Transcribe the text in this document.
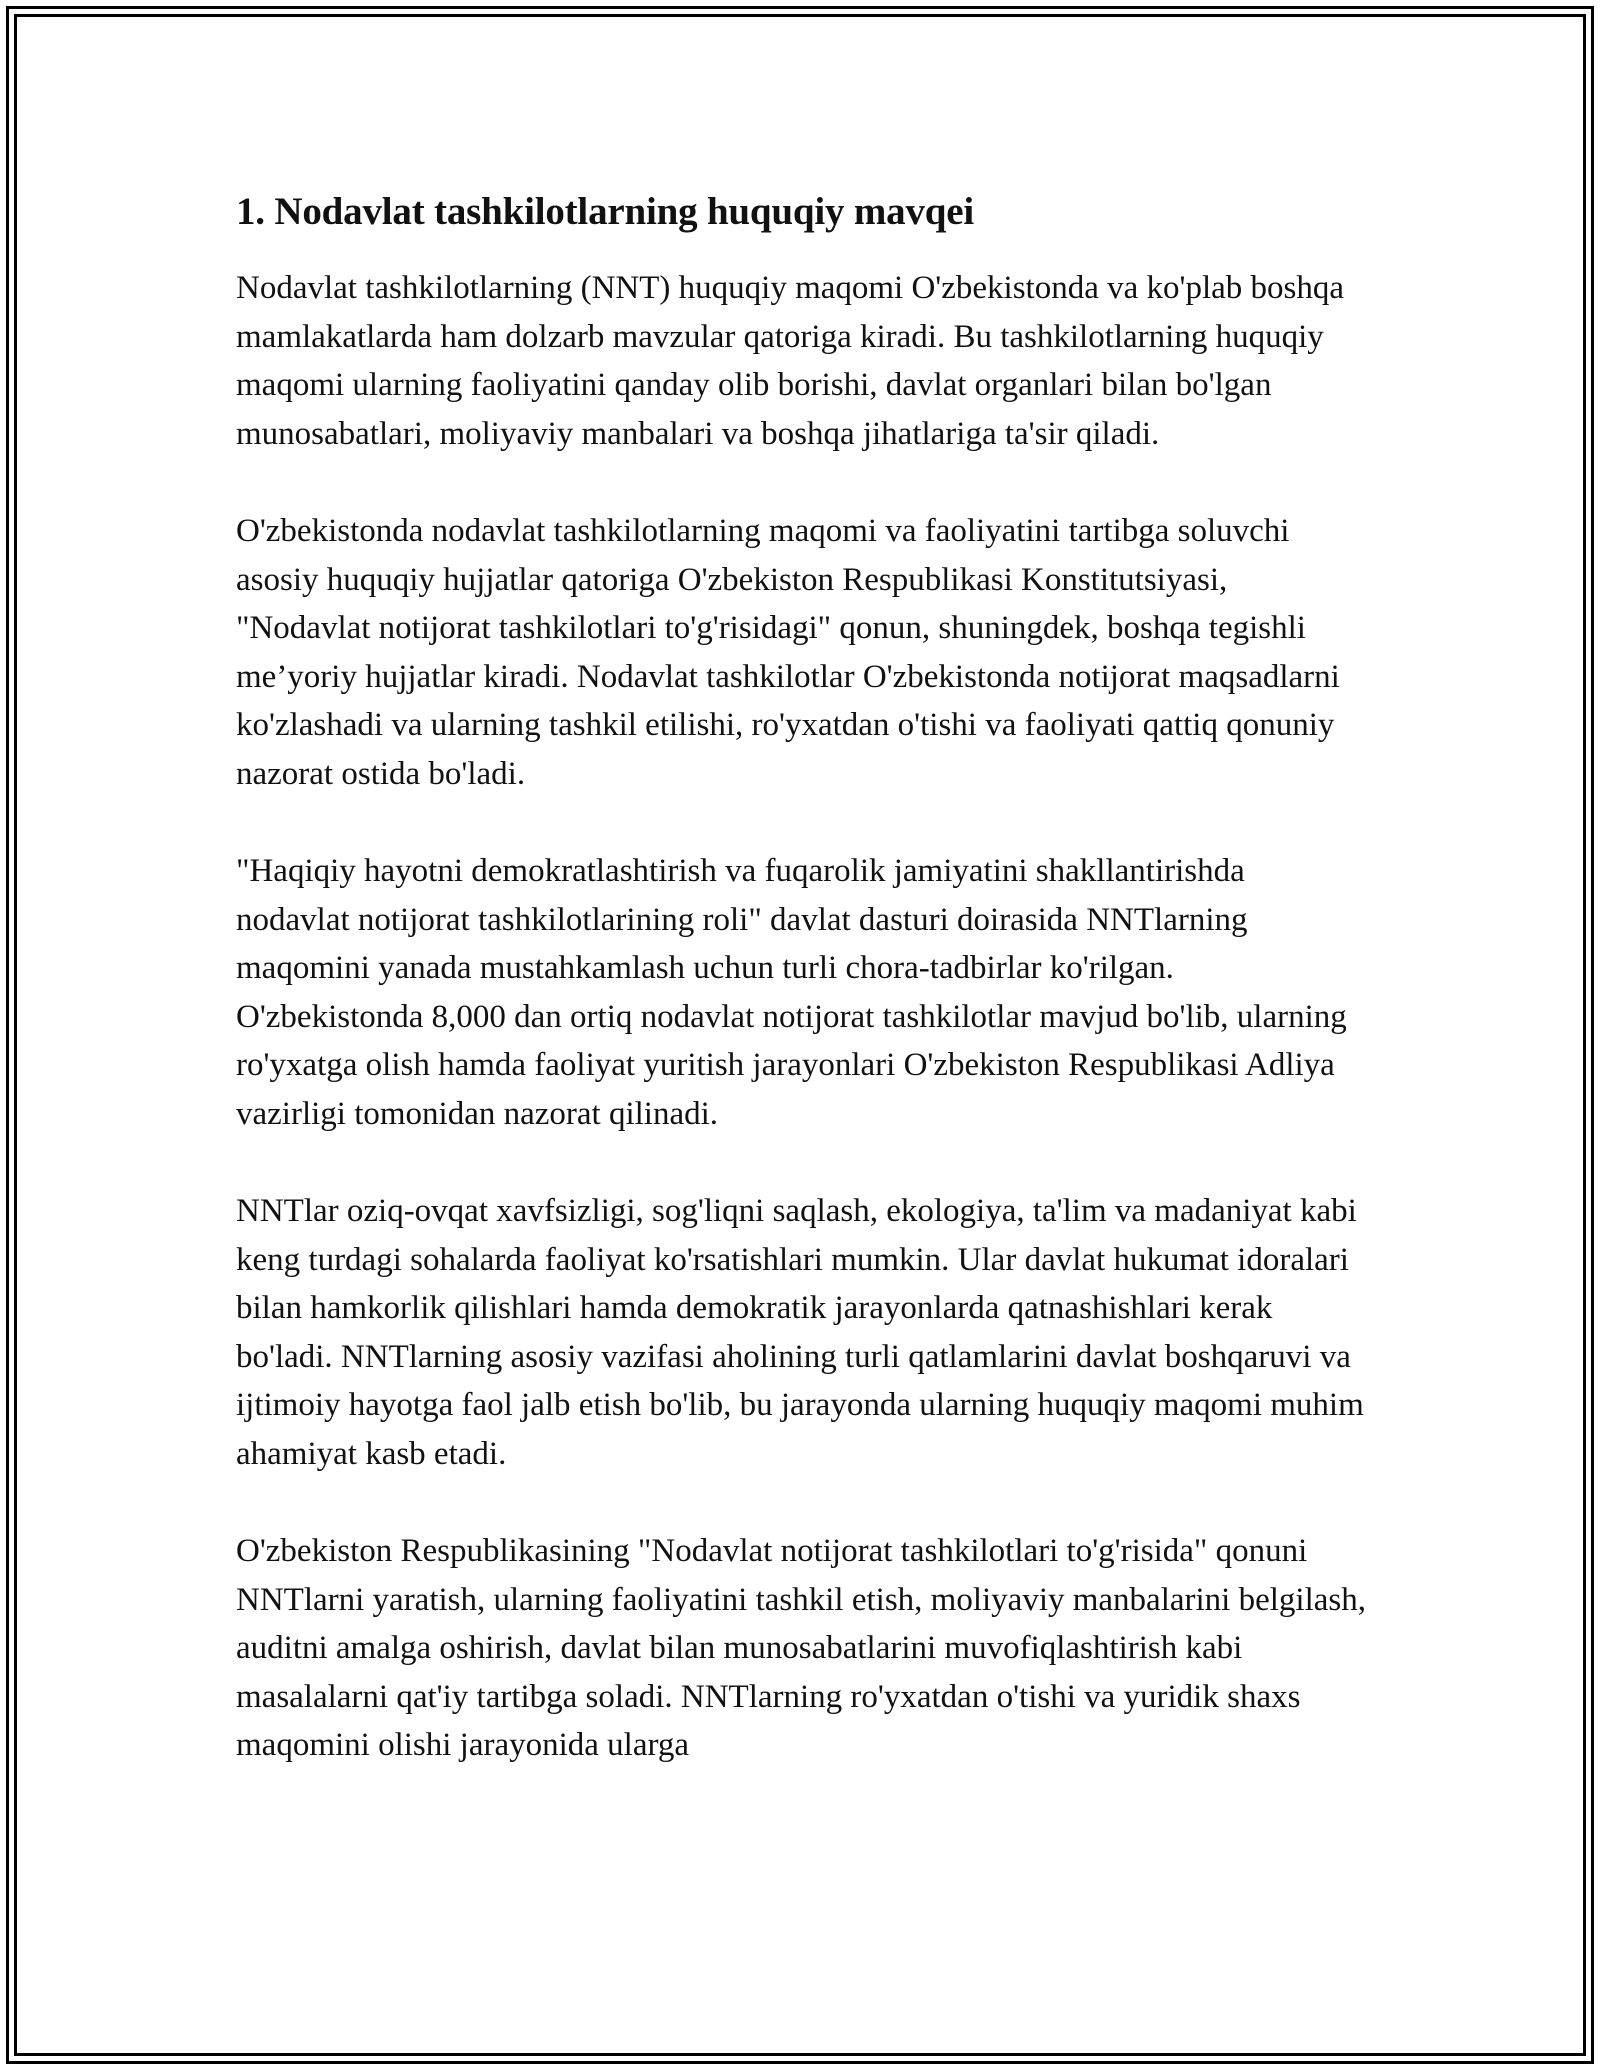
1. Nodavlat tashkilotlarning huquqiy mavqei

Nodavlat tashkilotlarning (NNT) huquqiy maqomi O'zbekistonda va ko'plab boshqa mamlakatlarda ham dolzarb mavzular qatoriga kiradi. Bu tashkilotlarning huquqiy maqomi ularning faoliyatini qanday olib borishi, davlat organlari bilan bo'lgan munosabatlari, moliyaviy manbalari va boshqa jihatlariga ta'sir qiladi.

O'zbekistonda nodavlat tashkilotlarning maqomi va faoliyatini tartibga soluvchi asosiy huquqiy hujjatlar qatoriga O'zbekiston Respublikasi Konstitutsiyasi, "Nodavlat notijorat tashkilotlari to'g'risidagi" qonun, shuningdek, boshqa tegishli me’yoriy hujjatlar kiradi. Nodavlat tashkilotlar O'zbekistonda notijorat maqsadlarni ko'zlashadi va ularning tashkil etilishi, ro'yxatdan o'tishi va faoliyati qattiq qonuniy nazorat ostida bo'ladi.

"Haqiqiy hayotni demokratlashtirish va fuqarolik jamiyatini shakllantirishda nodavlat notijorat tashkilotlarining roli" davlat dasturi doirasida NNTlarning maqomini yanada mustahkamlash uchun turli chora-tadbirlar ko'rilgan. O'zbekistonda 8,000 dan ortiq nodavlat notijorat tashkilotlar mavjud bo'lib, ularning ro'yxatga olish hamda faoliyat yuritish jarayonlari O'zbekiston Respublikasi Adliya vazirligi tomonidan nazorat qilinadi.

NNTlar oziq-ovqat xavfsizligi, sog'liqni saqlash, ekologiya, ta'lim va madaniyat kabi keng turdagi sohalarda faoliyat ko'rsatishlari mumkin. Ular davlat hukumat idoralari bilan hamkorlik qilishlari hamda demokratik jarayonlarda qatnashishlari kerak bo'ladi. NNTlarning asosiy vazifasi aholining turli qatlamlarini davlat boshqaruvi va ijtimoiy hayotga faol jalb etish bo'lib, bu jarayonda ularning huquqiy maqomi muhim ahamiyat kasb etadi.

O'zbekiston Respublikasining "Nodavlat notijorat tashkilotlari to'g'risida" qonuni NNTlarni yaratish, ularning faoliyatini tashkil etish, moliyaviy manbalarini belgilash, auditni amalga oshirish, davlat bilan munosabatlarini muvofiqlashtirish kabi masalalarni qat'iy tartibga soladi. NNTlarning ro'yxatdan o'tishi va yuridik shaxs maqomini olishi jarayonida ularga
